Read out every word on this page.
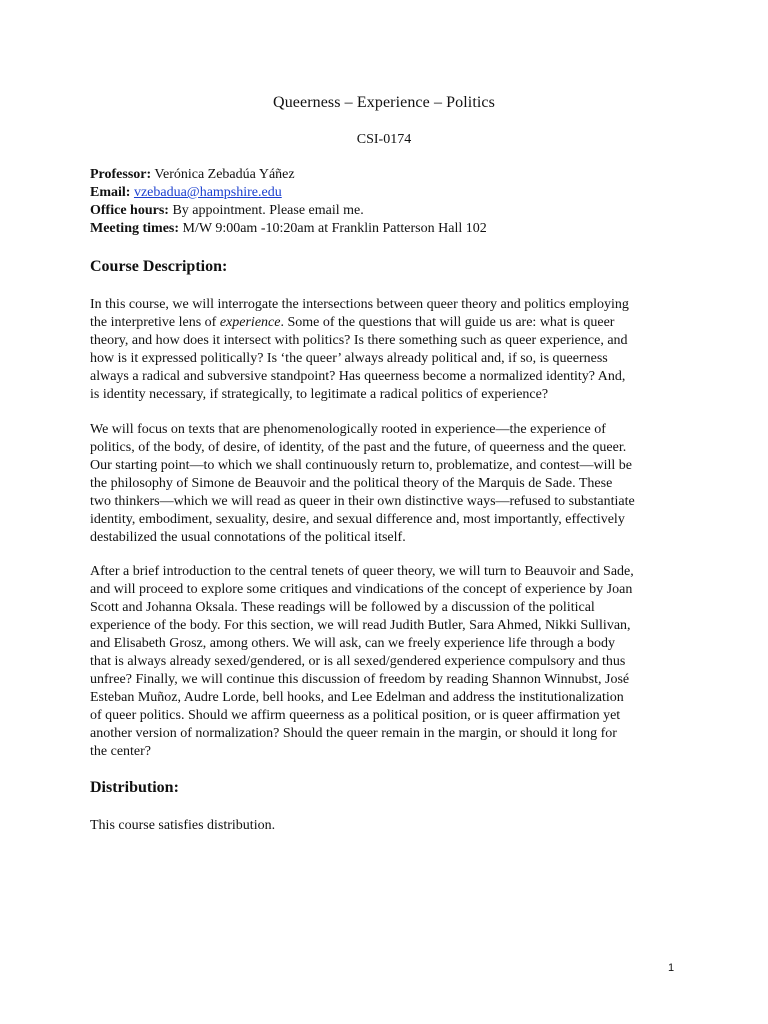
Queerness – Experience – Politics
CSI-0174
Professor: Verónica Zebadúa Yáñez
Email: vzebadua@hampshire.edu
Office hours: By appointment. Please email me.
Meeting times: M/W 9:00am -10:20am at Franklin Patterson Hall 102
Course Description:
In this course, we will interrogate the intersections between queer theory and politics employing
the interpretive lens of experience. Some of the questions that will guide us are: what is queer
theory, and how does it intersect with politics? Is there something such as queer experience, and
how is it expressed politically? Is ‘the queer’ always already political and, if so, is queerness
always a radical and subversive standpoint? Has queerness become a normalized identity? And,
is identity necessary, if strategically, to legitimate a radical politics of experience?
We will focus on texts that are phenomenologically rooted in experience—the experience of
politics, of the body, of desire, of identity, of the past and the future, of queerness and the queer.
Our starting point—to which we shall continuously return to, problematize, and contest—will be
the philosophy of Simone de Beauvoir and the political theory of the Marquis de Sade. These
two thinkers—which we will read as queer in their own distinctive ways—refused to substantiate
identity, embodiment, sexuality, desire, and sexual difference and, most importantly, effectively
destabilized the usual connotations of the political itself.
After a brief introduction to the central tenets of queer theory, we will turn to Beauvoir and Sade,
and will proceed to explore some critiques and vindications of the concept of experience by Joan
Scott and Johanna Oksala. These readings will be followed by a discussion of the political
experience of the body. For this section, we will read Judith Butler, Sara Ahmed, Nikki Sullivan,
and Elisabeth Grosz, among others. We will ask, can we freely experience life through a body
that is always already sexed/gendered, or is all sexed/gendered experience compulsory and thus
unfree? Finally, we will continue this discussion of freedom by reading Shannon Winnubst, José
Esteban Muñoz, Audre Lorde, bell hooks, and Lee Edelman and address the institutionalization
of queer politics. Should we affirm queerness as a political position, or is queer affirmation yet
another version of normalization? Should the queer remain in the margin, or should it long for
the center?
Distribution:
This course satisfies distribution.
1
